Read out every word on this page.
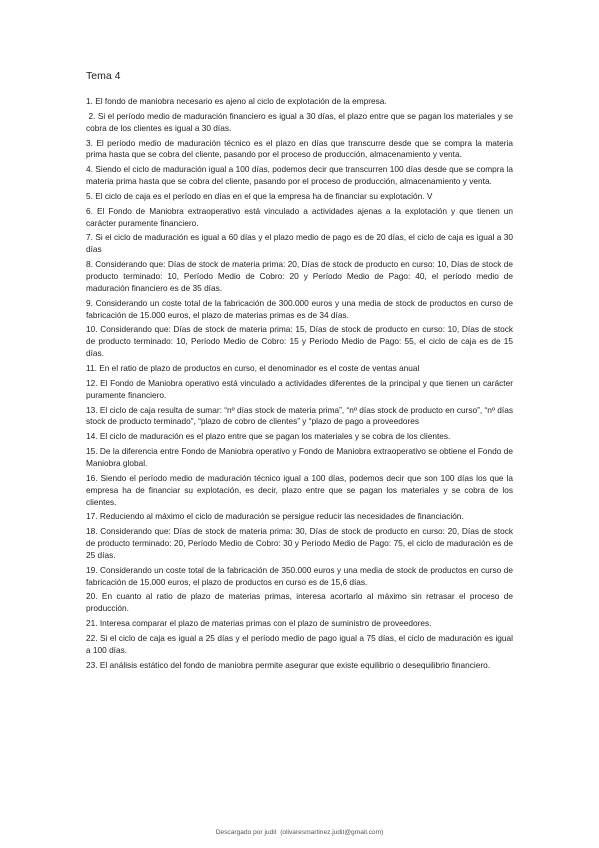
Tema 4
1. El fondo de maniobra necesario es ajeno al ciclo de explotación de la empresa.
2. Si el período medio de maduración financiero es igual a 30 días, el plazo entre que se pagan los materiales y se cobra de los clientes es igual a 30 días.
3. El período medio de maduración técnico es el plazo en días que transcurre desde que se compra la materia prima hasta que se cobra del cliente, pasando por el proceso de producción, almacenamiento y venta.
4. Siendo el ciclo de maduración igual a 100 días, podemos decir que transcurren 100 días desde que se compra la materia prima hasta que se cobra del cliente, pasando por el proceso de producción, almacenamiento y venta.
5. El ciclo de caja es el período en días en el que la empresa ha de financiar su explotación. V
6. El Fondo de Maniobra extraoperativo está vinculado a actividades ajenas a la explotación y que tienen un carácter puramente financiero.
7. Si el ciclo de maduración es igual a 60 días y el plazo medio de pago es de 20 días, el ciclo de caja es igual a 30 días
8. Considerando que: Días de stock de materia prima: 20, Días de stock de producto en curso: 10, Días de stock de producto terminado: 10, Período Medio de Cobro: 20 y Período Medio de Pago: 40, el período medio de maduración financiero es de 35 días.
9. Considerando un coste total de la fabricación de 300.000 euros y una media de stock de productos en curso de fabricación de 15.000 euros, el plazo de materias primas es de 34 días.
10. Considerando que: Días de stock de materia prima: 15, Días de stock de producto en curso: 10, Días de stock de producto terminado: 10, Período Medio de Cobro: 15 y Período Medio de Pago: 55, el ciclo de caja es de 15 días.
11. En el ratio de plazo de productos en curso, el denominador es el coste de ventas anual
12. El Fondo de Maniobra operativo está vinculado a actividades diferentes de la principal y que tienen un carácter puramente financiero.
13. El ciclo de caja resulta de sumar: “nº días stock de materia prima”, “nº días stock de producto en curso”, “nº días stock de producto terminado”, “plazo de cobro de clientes” y “plazo de pago a proveedores
14. El ciclo de maduración es el plazo entre que se pagan los materiales y se cobra de los clientes.
15. De la diferencia entre Fondo de Maniobra operativo y Fondo de Maniobra extraoperativo se obtiene el Fondo de Maniobra global.
16. Siendo el período medio de maduración técnico igual a 100 días, podemos decir que son 100 días los que la empresa ha de financiar su explotación, es decir, plazo entre que se pagan los materiales y se cobra de los clientes.
17. Reduciendo al máximo el ciclo de maduración se persigue reducir las necesidades de financiación.
18. Considerando que: Días de stock de materia prima: 30, Días de stock de producto en curso: 20, Días de stock de producto terminado: 20, Período Medio de Cobro: 30 y Período Medio de Pago: 75, el ciclo de maduración es de 25 días.
19. Considerando un coste total de la fabricación de 350.000 euros y una media de stock de productos en curso de fabricación de 15.000 euros, el plazo de productos en curso es de 15,6 días.
20. En cuanto al ratio de plazo de materias primas, interesa acortarlo al máximo sin retrasar el proceso de producción.
21. Interesa comparar el plazo de materias primas con el plazo de suministro de proveedores.
22. Si el ciclo de caja es igual a 25 días y el período medio de pago igual a 75 días, el ciclo de maduración es igual a 100 días.
23. El análisis estático del fondo de maniobra permite asegurar que existe equilibrio o desequilibrio financiero.
Descargado por judit  (olivaresmartinez.judit@gmail.com)
